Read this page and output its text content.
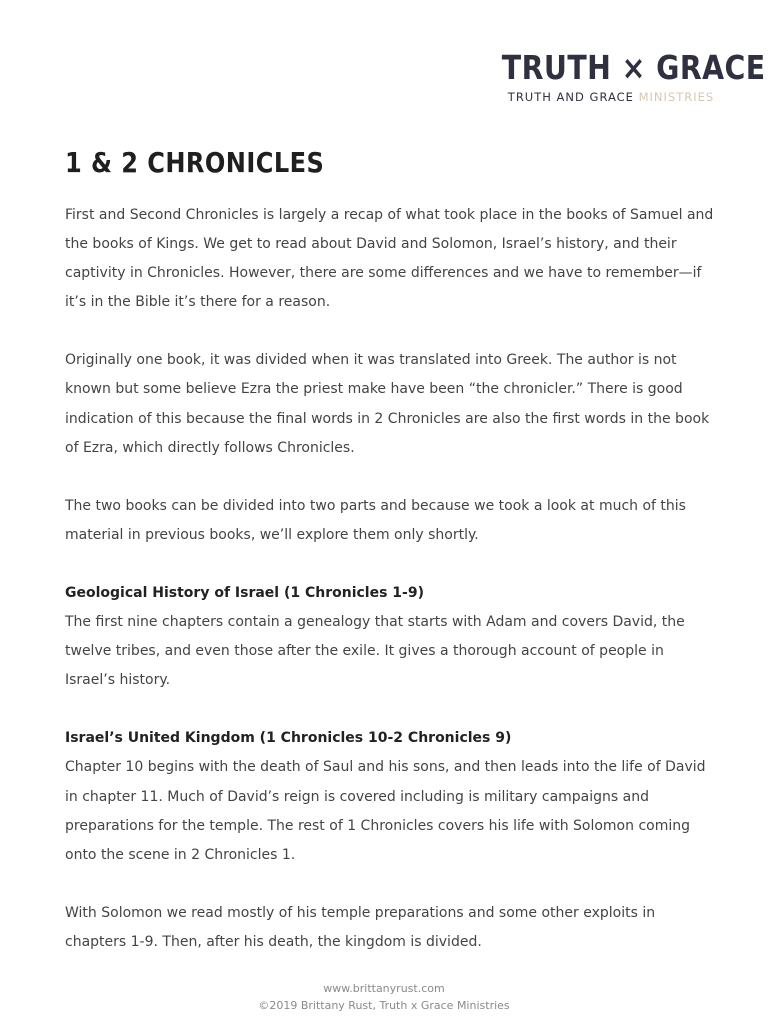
TRUTH × GRACE
TRUTH AND GRACE MINISTRIES
1 & 2 CHRONICLES

First and Second Chronicles is largely a recap of what took place in the books of Samuel and the books of Kings. We get to read about David and Solomon, Israel’s history, and their captivity in Chronicles. However, there are some differences and we have to remember—if it’s in the Bible it’s there for a reason.

Originally one book, it was divided when it was translated into Greek. The author is not known but some believe Ezra the priest make have been “the chronicler.” There is good indication of this because the final words in 2 Chronicles are also the first words in the book of Ezra, which directly follows Chronicles.

The two books can be divided into two parts and because we took a look at much of this material in previous books, we’ll explore them only shortly.

Geological History of Israel (1 Chronicles 1-9)

The first nine chapters contain a genealogy that starts with Adam and covers David, the twelve tribes, and even those after the exile. It gives a thorough account of people in Israel’s history.

Israel’s United Kingdom (1 Chronicles 10-2 Chronicles 9)

Chapter 10 begins with the death of Saul and his sons, and then leads into the life of David in chapter 11. Much of David’s reign is covered including is military campaigns and preparations for the temple. The rest of 1 Chronicles covers his life with Solomon coming onto the scene in 2 Chronicles 1.

With Solomon we read mostly of his temple preparations and some other exploits in chapters 1-9. Then, after his death, the kingdom is divided.

www.brittanyrust.com
©2019 Brittany Rust, Truth x Grace Ministries
